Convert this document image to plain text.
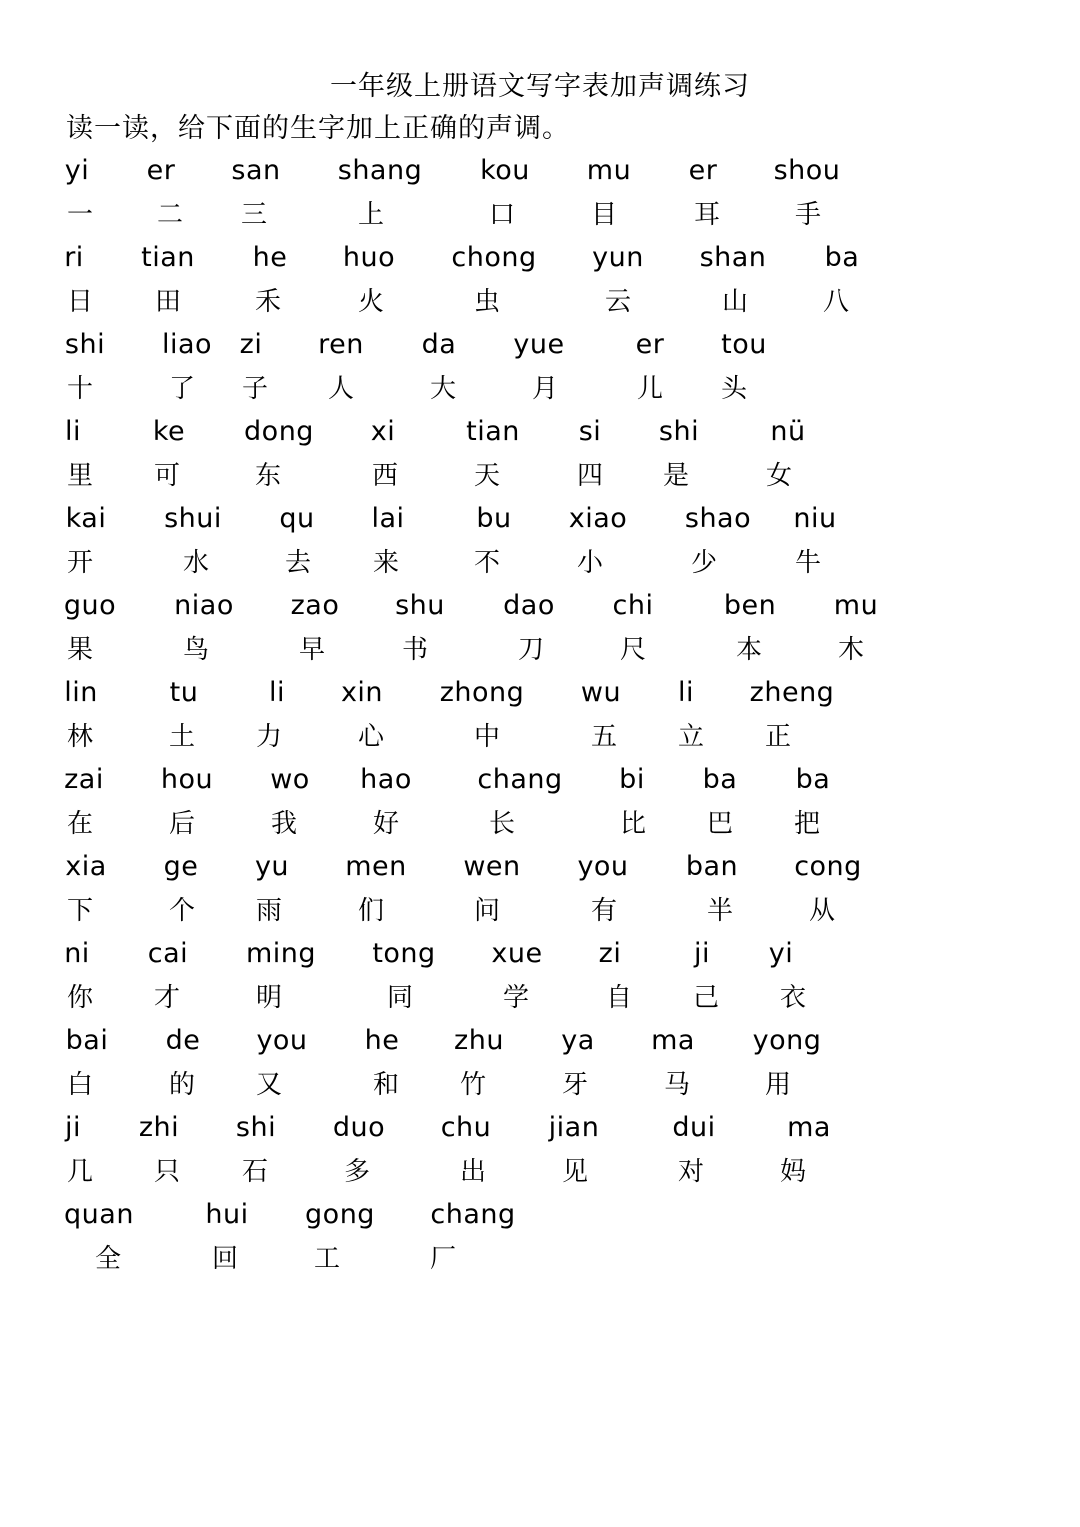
一年级上册语文写字表加声调练习
读一读，给下面的生字加上正确的声调。
yi er san shang kou mu er shou
一 二 三	上	口	目	耳	手
ri tian he huo chong yun shan ba
日 田	禾	火	虫	云	山	八
shi liao zi ren da yue	er tou
十	了 子 人	大	月	儿 头
li	ke dong xi	tian si shi	nü
里 可	东	西	天	四 是	女
kai shui qu lai	bu xiao shao niu
开	水	去 来	不	小	少	牛
guo niao zao shu dao chi	ben mu
果	鸟	早	书	刀	尺	本	木
lin	tu	li xin zhong wu li zheng
林	土 力	心	中	五 立 正
zai hou wo hao chang bi ba ba
在	后	我	好	长	比 巴 把
xia ge yu men wen you ban cong
下	个 雨	们	问	有	半	从
ni cai ming tong xue zi	ji yi
你 才	明	同	学	自 己 衣
bai de you he zhu ya ma yong
白	的 又	和 竹	牙	马	用
ji zhi shi duo chu jian	dui	ma
几 只 石	多	出	见	对	妈
quan	hui gong chang
全	回	工	厂
